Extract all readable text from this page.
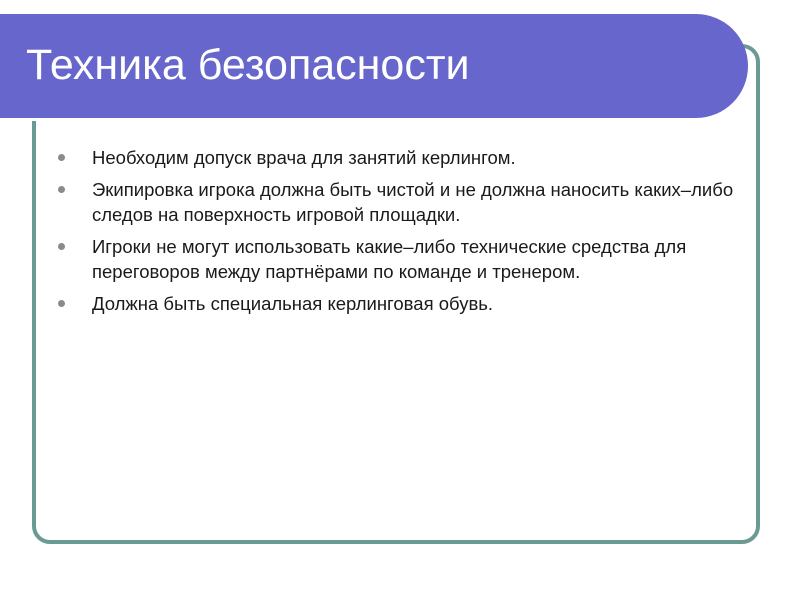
Техника безопасности
Необходим допуск врача для занятий керлингом.
Экипировка игрока должна быть чистой и не должна наносить каких–либо следов на поверхность игровой площадки.
Игроки не могут использовать какие–либо технические средства для переговоров между партнёрами по команде и тренером.
Должна быть специальная керлинговая обувь.
